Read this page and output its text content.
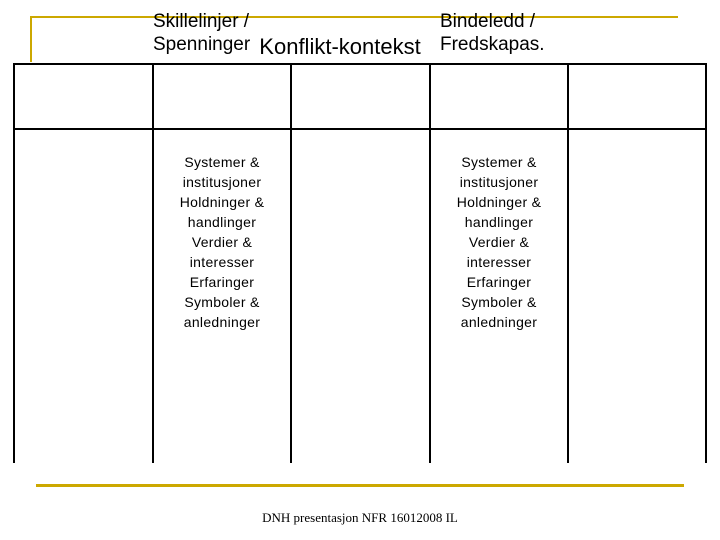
Konflikt-kontekst
Skillelinjer /
Spenninger
Bindeledd /
Fredskapas.
Systemer &
institusjoner
Holdninger &
handlinger
Verdier &
interesser
Erfaringer
Symboler &
anledninger
Systemer &
institusjoner
Holdninger &
handlinger
Verdier &
interesser
Erfaringer
Symboler &
anledninger
DNH presentasjon NFR 16012008 IL
